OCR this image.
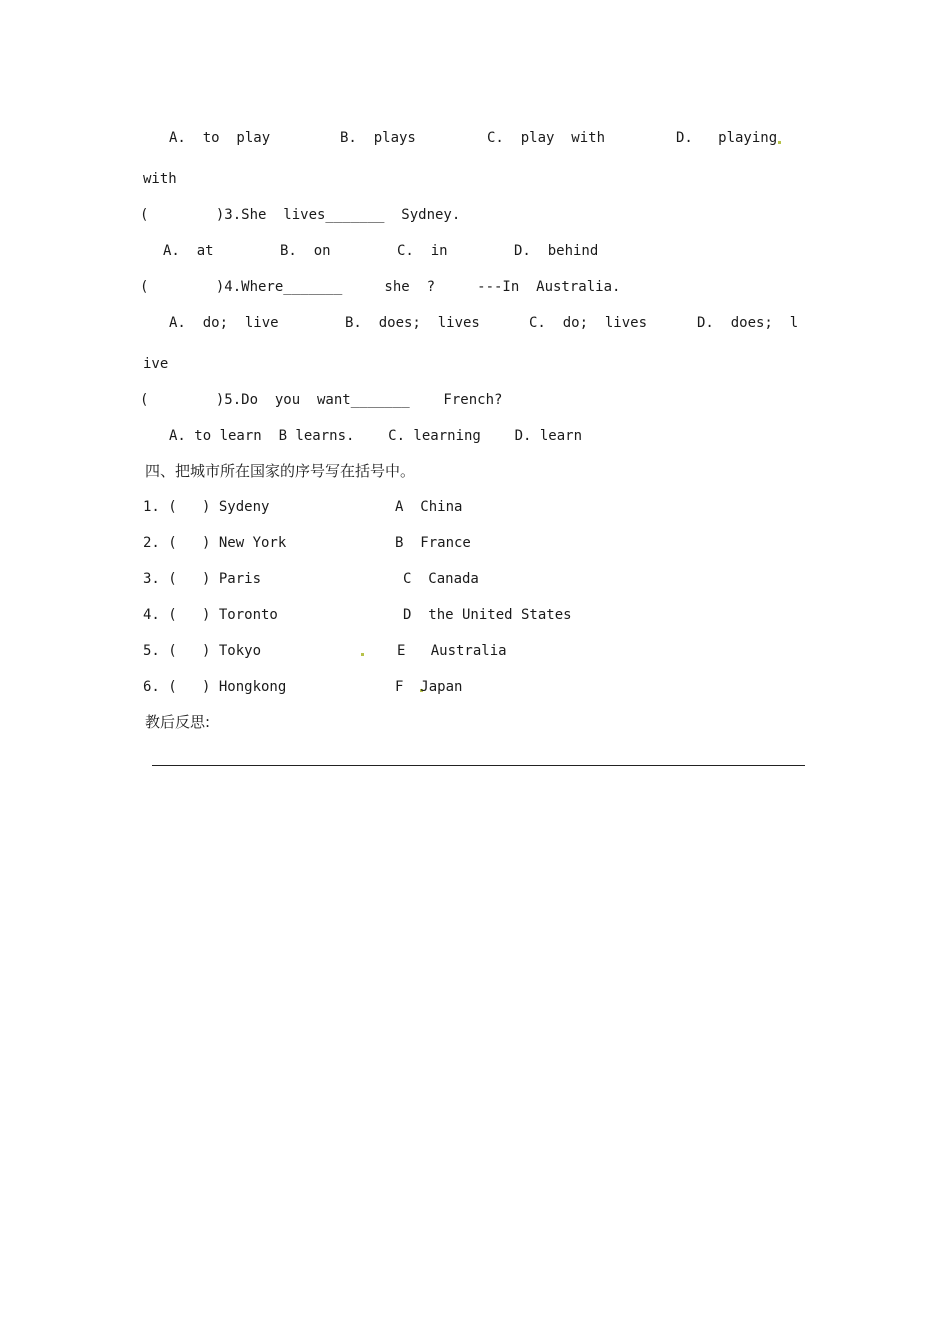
A.  to  play	B.  plays	C.  play  with	D.   playing
with
(        )3.She  lives_______  Sydney.
A.  at	B.  on	C.  in	D.  behind
(        )4.Where_______     she  ?     ---In  Australia.
A.  do;  live	B.  does;  lives	C.  do;  lives	D.  does;  l
ive
(        )5.Do  you  want_______    French?
A. to learn  B learns.    C. learning    D. learn
四、把城市所在国家的序号写在括号中。
1. (   ) Sydeny	A  China
2. (   ) New York	B  France
3. (   ) Paris	C  Canada
4. (   ) Toronto	D  the United States
5. (   ) Tokyo	E   Australia
6. (   ) Hongkong	F  Japan
教后反思:
